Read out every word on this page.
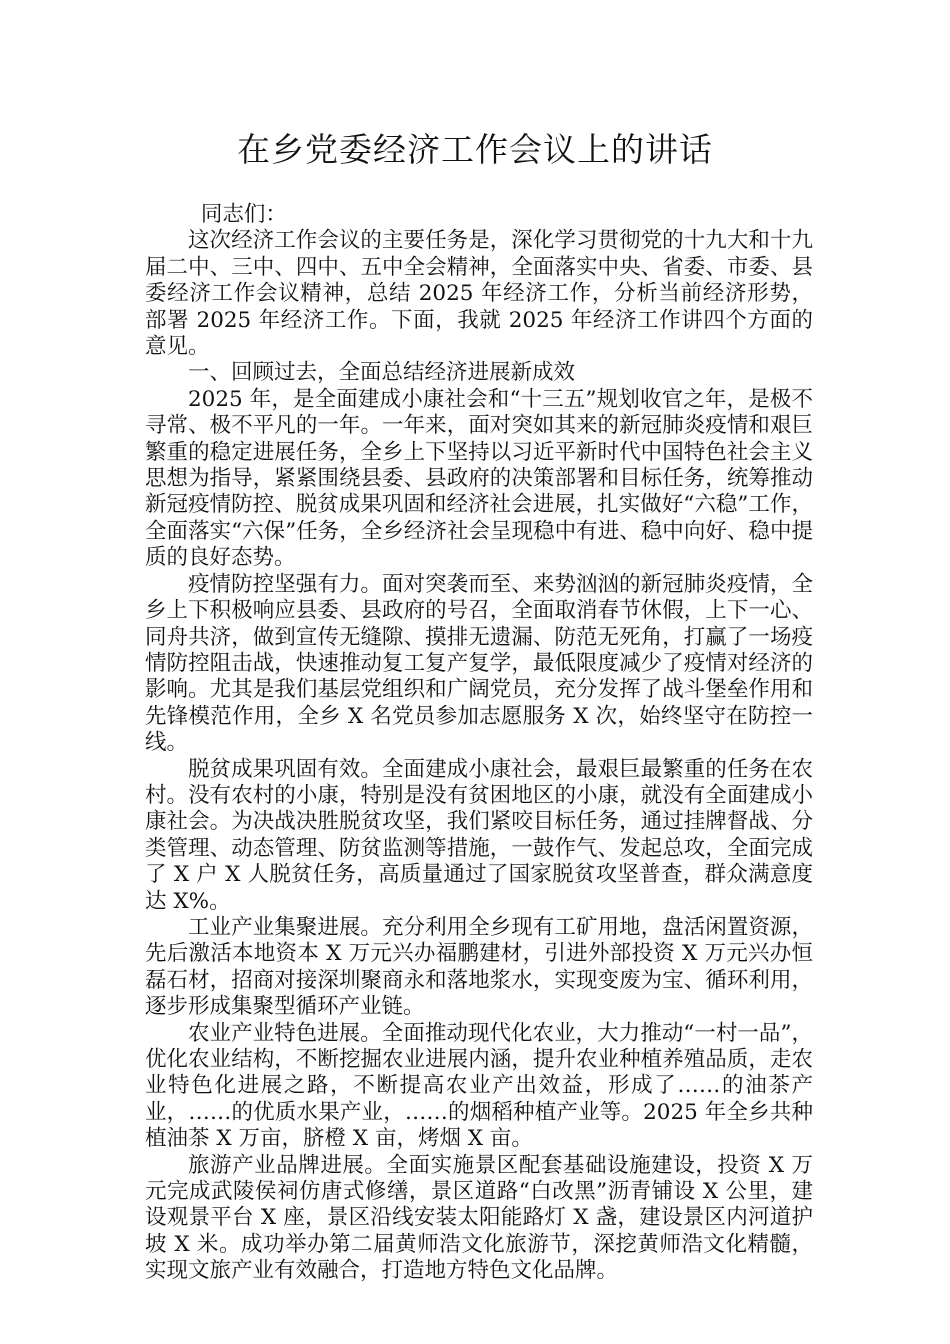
在乡党委经济工作会议上的讲话

同志们：

这次经济工作会议的主要任务是，深化学习贯彻党的十九大和十九届二中、三中、四中、五中全会精神，全面落实中央、省委、市委、县委经济工作会议精神，总结 2025 年经济工作，分析当前经济形势，部署 2025 年经济工作。下面，我就 2025 年经济工作讲四个方面的意见。

一、回顾过去，全面总结经济进展新成效

2025 年，是全面建成小康社会和“十三五”规划收官之年，是极不寻常、极不平凡的一年。一年来，面对突如其来的新冠肺炎疫情和艰巨繁重的稳定进展任务，全乡上下坚持以习近平新时代中国特色社会主义思想为指导，紧紧围绕县委、县政府的决策部署和目标任务，统筹推动新冠疫情防控、脱贫成果巩固和经济社会进展，扎实做好“六稳”工作，全面落实“六保”任务，全乡经济社会呈现稳中有进、稳中向好、稳中提质的良好态势。

疫情防控坚强有力。面对突袭而至、来势汹汹的新冠肺炎疫情，全乡上下积极响应县委、县政府的号召，全面取消春节休假，上下一心、同舟共济，做到宣传无缝隙、摸排无遗漏、防范无死角，打赢了一场疫情防控阻击战，快速推动复工复产复学，最低限度减少了疫情对经济的影响。尤其是我们基层党组织和广阔党员，充分发挥了战斗堡垒作用和先锋模范作用，全乡 X 名党员参加志愿服务 X 次，始终坚守在防控一线。

脱贫成果巩固有效。全面建成小康社会，最艰巨最繁重的任务在农村。没有农村的小康，特别是没有贫困地区的小康，就没有全面建成小康社会。为决战决胜脱贫攻坚，我们紧咬目标任务，通过挂牌督战、分类管理、动态管理、防贫监测等措施，一鼓作气、发起总攻，全面完成了 X 户 X 人脱贫任务，高质量通过了国家脱贫攻坚普查，群众满意度达 X%。

工业产业集聚进展。充分利用全乡现有工矿用地，盘活闲置资源，先后激活本地资本 X 万元兴办福鹏建材，引进外部投资 X 万元兴办恒磊石材，招商对接深圳聚商永和落地浆水，实现变废为宝、循环利用，逐步形成集聚型循环产业链。

农业产业特色进展。全面推动现代化农业，大力推动“一村一品”，优化农业结构，不断挖掘农业进展内涵，提升农业种植养殖品质，走农业特色化进展之路，不断提高农业产出效益，形成了……的油茶产业，……的优质水果产业，……的烟稻种植产业等。2025 年全乡共种植油茶 X 万亩，脐橙 X 亩，烤烟 X 亩。

旅游产业品牌进展。全面实施景区配套基础设施建设，投资 X 万元完成武陵侯祠仿唐式修缮，景区道路“白改黑”沥青铺设 X 公里，建设观景平台 X 座，景区沿线安装太阳能路灯 X 盏，建设景区内河道护坡 X 米。成功举办第二届黄师浩文化旅游节，深挖黄师浩文化精髓，实现文旅产业有效融合，打造地方特色文化品牌。
